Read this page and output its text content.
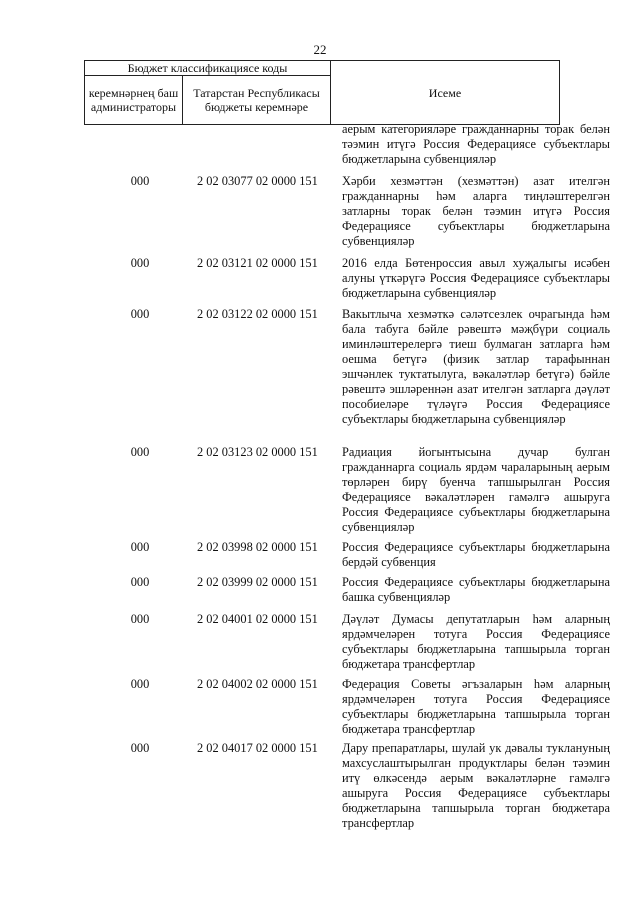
22
Бюджет классификациясе коды		Исеме
керемнәрнең баш администраторы	Татарстан Республикасы бюджеты керемнәре	
аерым категорияләре гражданнарны торак белән тәэмин итүгә Россия Федерациясе субъектлары бюджетларына субвенцияләр
000	2 02 03077 02 0000 151	Хәрби хезмәттән (хезмәттән) азат ителгән гражданнарны һәм аларга тиңләштерелгән затларны торак белән тәэмин итүгә Россия Федерациясе субъектлары бюджетларына субвенцияләр
000	2 02 03121 02 0000 151	2016 елда Бөтенроссия авыл хуҗалыгы исәбен алуны үткәрүгә Россия Федерациясе субъектлары бюджетларына субвенцияләр
000	2 02 03122 02 0000 151	Вакытлыча хезмәткә сәләтсезлек очрагында һәм бала табуга бәйле рәвештә мәҗбүри социаль иминләштерелергә тиеш булмаган затларга һәм оешма бетүгә (физик затлар тарафыннан эшчәнлек туктатылуга, вәкаләтләр бетүгә) бәйле рәвештә эшләреннән азат ителгән затларга дәүләт пособиеләре түләүгә Россия Федерациясе субъектлары бюджетларына субвенцияләр
000	2 02 03123 02 0000 151	Радиация йогынтысына дучар булган гражданнарга социаль ярдәм чараларының аерым төрләрен бирү буенча тапшырылган Россия Федерациясе вәкаләтләрен гамәлгә ашыруга Россия Федерациясе субъектлары бюджетларына субвенцияләр
000	2 02 03998 02 0000 151	Россия Федерациясе субъектлары бюджетларына бердәй субвенция
000	2 02 03999 02 0000 151	Россия Федерациясе субъектлары бюджетларына башка субвенцияләр
000	2 02 04001 02 0000 151	Дәүләт Думасы депутатларын һәм аларның ярдәмчеләрен тотуга Россия Федерациясе субъектлары бюджетларына тапшырыла торган бюджетара трансфертлар
000	2 02 04002 02 0000 151	Федерация Советы әгъзаларын һәм аларның ярдәмчеләрен тотуга Россия Федерациясе субъектлары бюджетларына тапшырыла торган бюджетара трансфертлар
000	2 02 04017 02 0000 151	Дару препаратлары, шулай ук дәвалы туклануның махсуслаштырылган продуктлары белән тәэмин итү өлкәсендә аерым вәкаләтләрне гамәлгә ашыруга Россия Федерациясе субъектлары бюджетларына тапшырыла торган бюджетара трансфертлар
